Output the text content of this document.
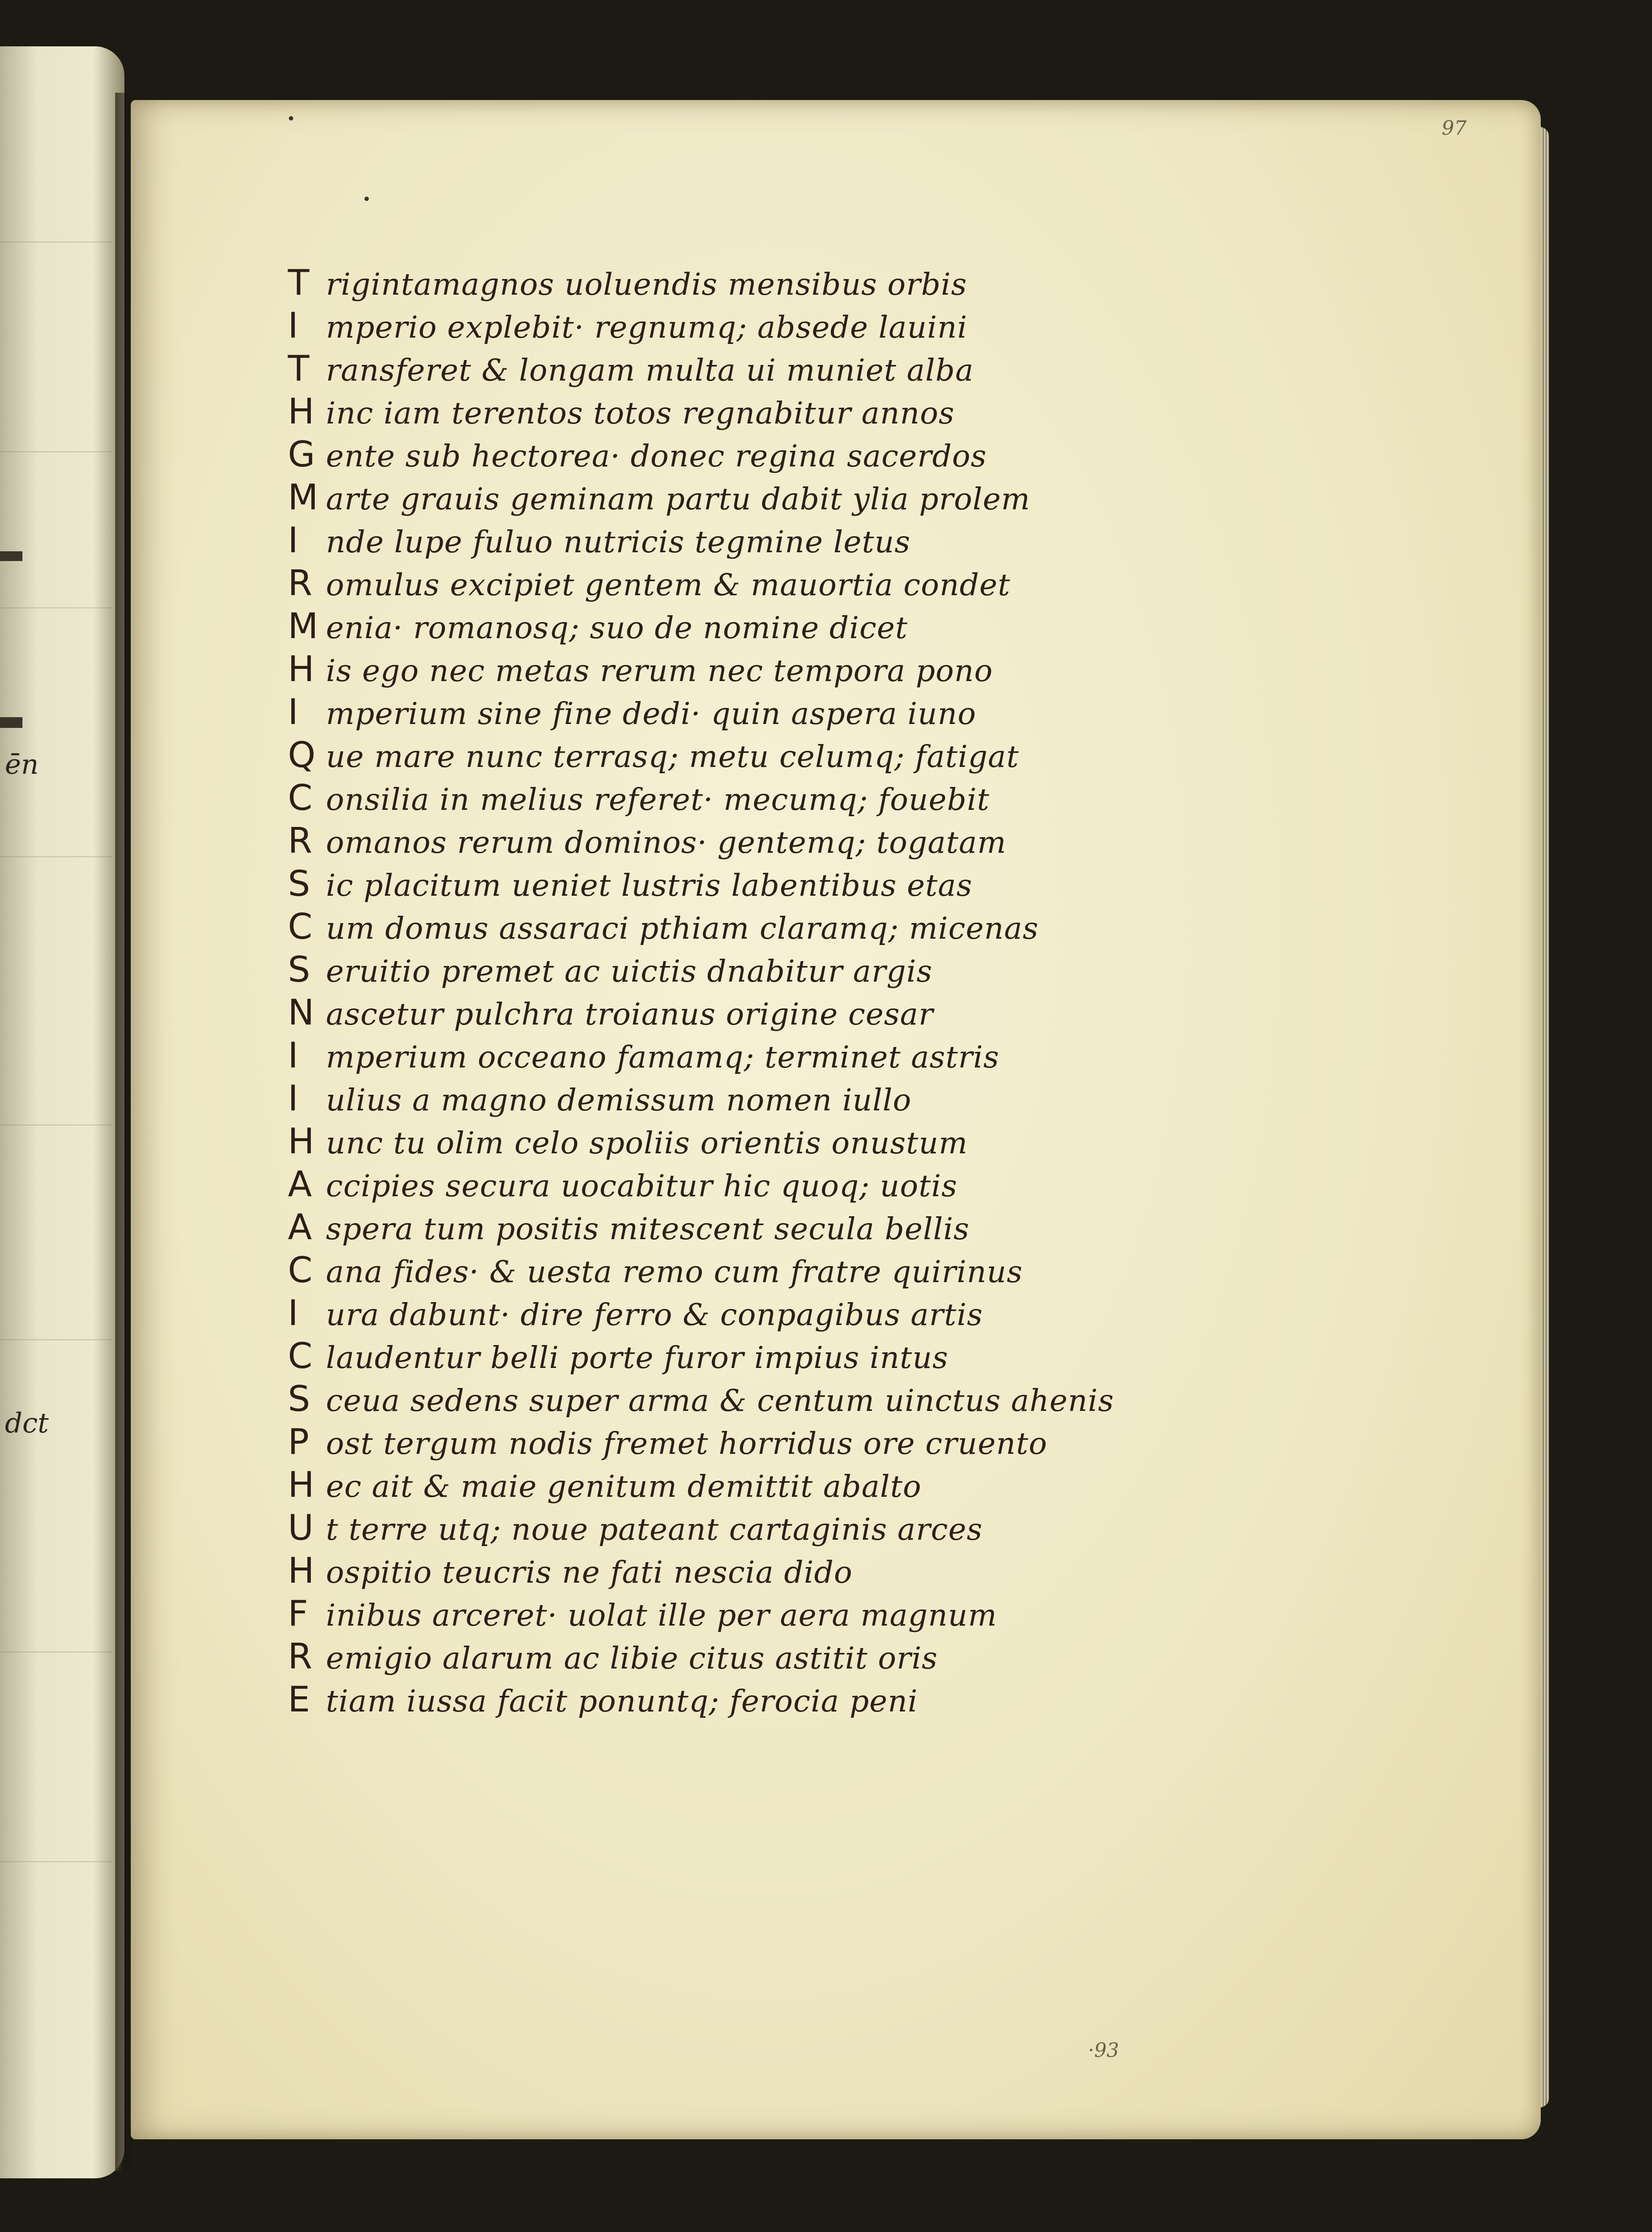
ēn
dct
97
T rigintamagnos uoluendis mensibus orbis
I mperio explebit· regnumq; absede lauini
T ransferet & longam multa ui muniet alba
H inc iam terentos totos regnabitur annos
G ente sub hectorea· donec regina sacerdos
M arte grauis geminam partu dabit ylia prolem
I nde lupe fuluo nutricis tegmine letus
R omulus excipiet gentem & mauortia condet
M enia· romanosq; suo de nomine dicet
H is ego nec metas rerum nec tempora pono
I mperium sine fine dedi· quin aspera iuno
Q ue mare nunc terrasq; metu celumq; fatigat
C onsilia in melius referet· mecumq; fouebit
R omanos rerum dominos· gentemq; togatam
S ic placitum ueniet lustris labentibus etas
C um domus assaraci pthiam claramq; micenas
S eruitio premet ac uictis dnabitur argis
N ascetur pulchra troianus origine cesar
I mperium occeano famamq; terminet astris
I ulius a magno demissum nomen iullo
H unc tu olim celo spoliis orientis onustum
A ccipies secura uocabitur hic quoq; uotis
A spera tum positis mitescent secula bellis
C ana fides· & uesta remo cum fratre quirinus
I ura dabunt· dire ferro & conpagibus artis
C laudentur belli porte furor impius intus
S ceua sedens super arma & centum uinctus ahenis
P ost tergum nodis fremet horridus ore cruento
H ec ait & maie genitum demittit abalto
U t terre utq; noue pateant cartaginis arces
H ospitio teucris ne fati nescia dido
F inibus arceret· uolat ille per aera magnum
R emigio alarum ac libie citus astitit oris
E tiam iussa facit ponuntq; ferocia peni
·93
